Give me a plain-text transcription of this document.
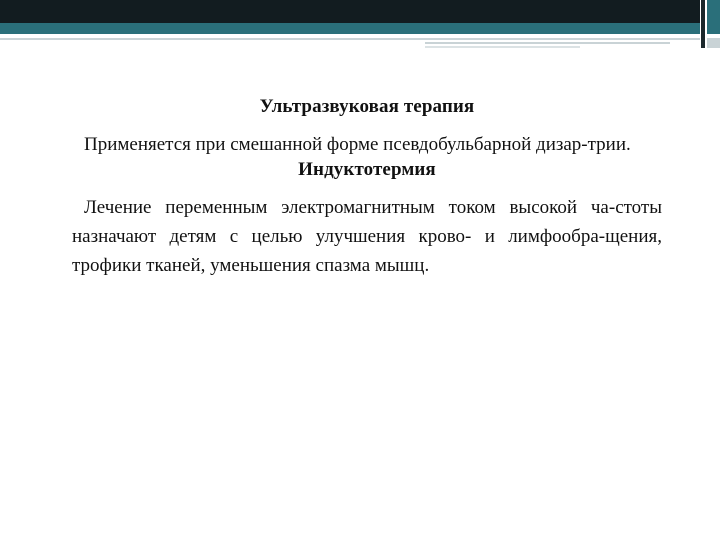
Ультразвуковая терапия

Применяется при смешанной форме псевдобульбарной дизар-трии.

Индуктотермия

Лечение переменным электромагнитным током высокой ча-стоты назначают детям с целью улучшения крово- и лимфообра-щения, трофики тканей, уменьшения спазма мышц.
